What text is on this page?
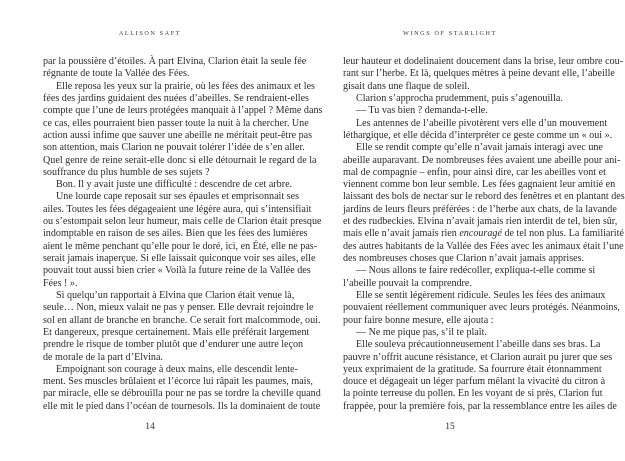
ALLISON SAFT
par la poussière d’étoiles. À part Elvina, Clarion était la seule fée
régnante de toute la Vallée des Fées.
Elle reposa les yeux sur la prairie, où les fées des animaux et les
fées des jardins guidaient des nuées d’abeilles. Se rendraient-elles
compte que l’une de leurs protégées manquait à l’appel ? Même dans
ce cas, elles pourraient bien passer toute la nuit à la chercher. Une
action aussi infime que sauver une abeille ne méritait peut-être pas
son attention, mais Clarion ne pouvait tolérer l’idée de s’en aller.
Quel genre de reine serait-elle donc si elle détournait le regard de la
souffrance du plus humble de ses sujets ?
Bon. Il y avait juste une difficulté : descendre de cet arbre.
Une lourde cape reposait sur ses épaules et emprisonnait ses
ailes. Toutes les fées dégageaient une légère aura, qui s’intensifiait
ou s’estompait selon leur humeur, mais celle de Clarion était presque
indomptable en raison de ses ailes. Bien que les fées des lumières
aient le même penchant qu’elle pour le doré, ici, en Été, elle ne pas-
serait jamais inaperçue. Si elle laissait quiconque voir ses ailes, elle
pouvait tout aussi bien crier « Voilà la future reine de la Vallée des
Fées ! ».
Si quelqu’un rapportait à Elvina que Clarion était venue là,
seule… Non, mieux valait ne pas y penser. Elle devrait rejoindre le
sol en allant de branche en branche. Ce serait fort malcommode, oui.
Et dangereux, presque certainement. Mais elle préférait largement
prendre le risque de tomber plutôt que d’endurer une autre leçon
de morale de la part d’Elvina.
Empoignant son courage à deux mains, elle descendit lente-
ment. Ses muscles brûlaient et l’écorce lui râpait les paumes, mais,
par miracle, elle se débrouilla pour ne pas se tordre la cheville quand
elle mit le pied dans l’océan de tournesols. Ils la dominaient de toute
14
WINGS OF STARLIGHT
leur hauteur et dodelinaient doucement dans la brise, leur ombre cou-
rant sur l’herbe. Et là, quelques mètres à peine devant elle, l’abeille
gisait dans une flaque de soleil.
Clarion s’approcha prudemment, puis s’agenouilla.
— Tu vas bien ? demanda-t-elle.
Les antennes de l’abeille pivotèrent vers elle d’un mouvement
léthargique, et elle décida d’interpréter ce geste comme un « oui ».
Elle se rendit compte qu’elle n’avait jamais interagi avec une
abeille auparavant. De nombreuses fées avaient une abeille pour ani-
mal de compagnie – enfin, pour ainsi dire, car les abeilles vont et
viennent comme bon leur semble. Les fées gagnaient leur amitié en
laissant des bols de nectar sur le rebord des fenêtres et en plantant des
jardins de leurs fleurs préférées : de l’herbe aux chats, de la lavande
et des rudbeckies. Elvina n’avait jamais rien interdit de tel, bien sûr,
mais elle n’avait jamais rien encouragé de tel non plus. La familiarité
des autres habitants de la Vallée des Fées avec les animaux était l’une
des nombreuses choses que Clarion n’avait jamais apprises.
— Nous allons te faire redécoller, expliqua-t-elle comme si
l’abeille pouvait la comprendre.
Elle se sentit légèrement ridicule. Seules les fées des animaux
pouvaient réellement communiquer avec leurs protégés. Néanmoins,
pour faire bonne mesure, elle ajouta :
— Ne me pique pas, s’il te plaît.
Elle souleva précautionneusement l’abeille dans ses bras. La
pauvre n’offrit aucune résistance, et Clarion aurait pu jurer que ses
yeux exprimaient de la gratitude. Sa fourrure était étonnamment
douce et dégageait un léger parfum mêlant la vivacité du citron à
la pointe terreuse du pollen. En les voyant de si près, Clarion fut
frappée, pour la première fois, par la ressemblance entre les ailes de
15
